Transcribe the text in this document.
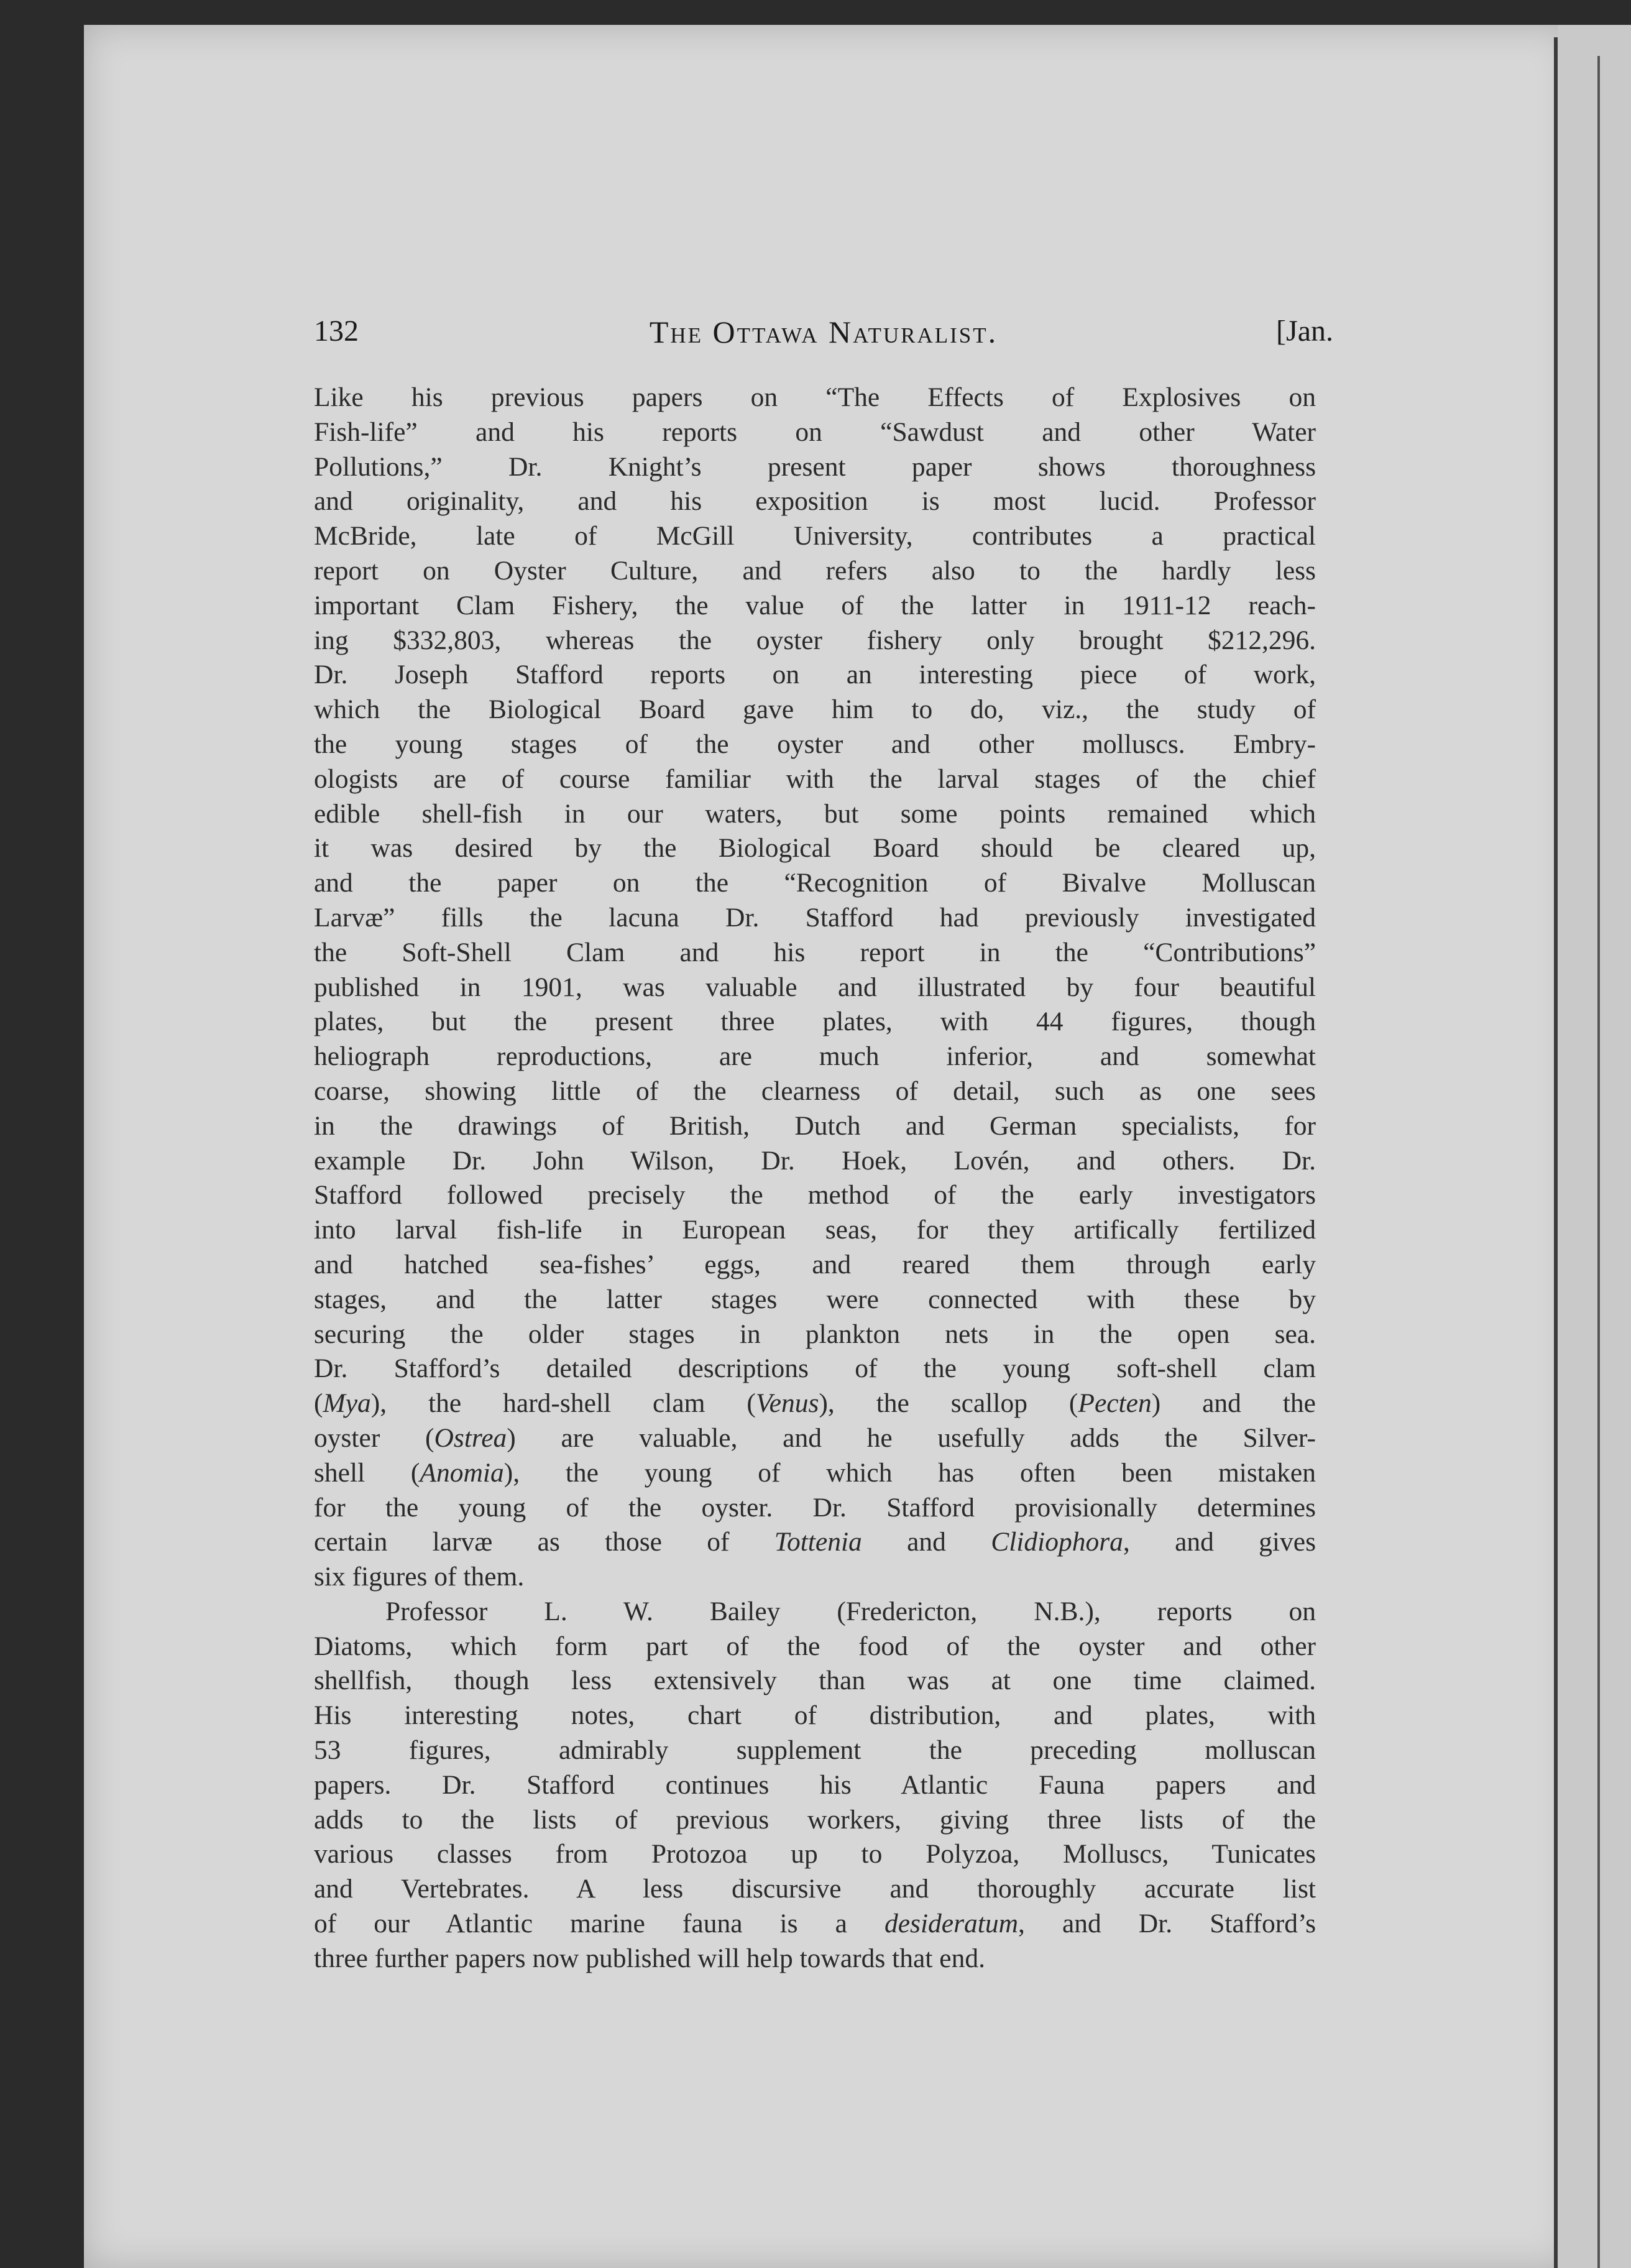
132	The Ottawa Naturalist.	[Jan.

Like his previous papers on “The Effects of Explosives on

Fish-life” and his reports on “Sawdust and other Water

Pollutions,” Dr. Knight’s present paper shows thoroughness

and originality, and his exposition is most lucid. Professor

McBride, late of McGill University, contributes a practical

report on Oyster Culture, and refers also to the hardly less

important Clam Fishery, the value of the latter in 1911-12 reach-

ing $332,803, whereas the oyster fishery only brought $212,296.

Dr. Joseph Stafford reports on an interesting piece of work,

which the Biological Board gave him to do, viz., the study of

the young stages of the oyster and other molluscs. Embry-

ologists are of course familiar with the larval stages of the chief

edible shell-fish in our waters, but some points remained which

it was desired by the Biological Board should be cleared up,

and the paper on the “Recognition of Bivalve Molluscan

Larvæ” fills the lacuna Dr. Stafford had previously investigated

the Soft-Shell Clam and his report in the “Contributions”

published in 1901, was valuable and illustrated by four beautiful

plates, but the present three plates, with 44 figures, though

heliograph reproductions, are much inferior, and somewhat

coarse, showing little of the clearness of detail, such as one sees

in the drawings of British, Dutch and German specialists, for

example Dr. John Wilson, Dr. Hoek, Lovén, and others. Dr.

Stafford followed precisely the method of the early investigators

into larval fish-life in European seas, for they artifically fertilized

and hatched sea-fishes’ eggs, and reared them through early

stages, and the latter stages were connected with these by

securing the older stages in plankton nets in the open sea.

Dr. Stafford’s detailed descriptions of the young soft-shell clam

(Mya), the hard-shell clam (Venus), the scallop (Pecten) and the

oyster (Ostrea) are valuable, and he usefully adds the Silver-

shell (Anomia), the young of which has often been mistaken

for the young of the oyster. Dr. Stafford provisionally determines

certain larvæ as those of Tottenia and Clidiophora, and gives

six figures of them.

Professor L. W. Bailey (Fredericton, N.B.), reports on

Diatoms, which form part of the food of the oyster and other

shellfish, though less extensively than was at one time claimed.

His interesting notes, chart of distribution, and plates, with

53 figures, admirably supplement the preceding molluscan

papers. Dr. Stafford continues his Atlantic Fauna papers and

adds to the lists of previous workers, giving three lists of the

various classes from Protozoa up to Polyzoa, Molluscs, Tunicates

and Vertebrates. A less discursive and thoroughly accurate list

of our Atlantic marine fauna is a desideratum, and Dr. Stafford’s

three further papers now published will help towards that end.
